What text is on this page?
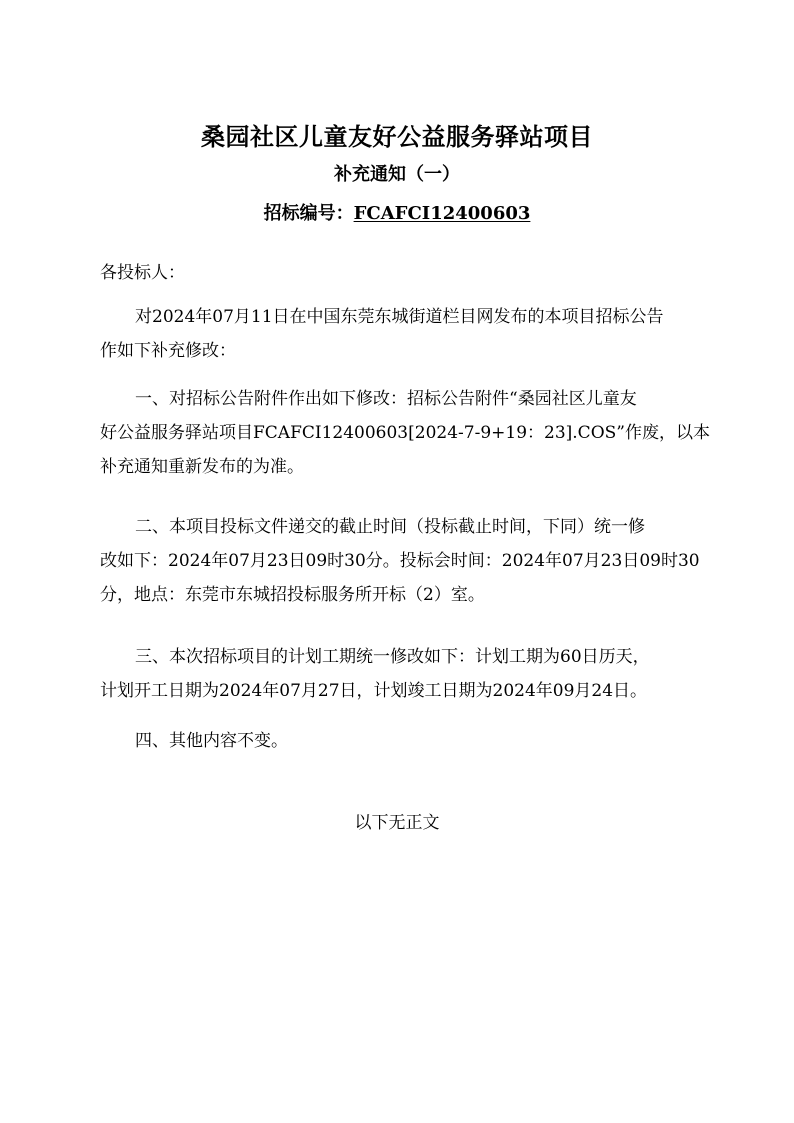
桑园社区儿童友好公益服务驿站项目
补充通知（一）
招标编号：FCAFCI12400603
各投标人：
对2024年07月11日在中国东莞东城街道栏目网发布的本项目招标公告
作如下补充修改：
一、对招标公告附件作出如下修改：招标公告附件“桑园社区儿童友
好公益服务驿站项目FCAFCI12400603[2024-7-9+19：23].COS”作废，以本
补充通知重新发布的为准。
二、本项目投标文件递交的截止时间（投标截止时间，下同）统一修
改如下：2024年07月23日09时30分。投标会时间：2024年07月23日09时30
分，地点：东莞市东城招投标服务所开标（2）室。
三、本次招标项目的计划工期统一修改如下：计划工期为60日历天，
计划开工日期为2024年07月27日，计划竣工日期为2024年09月24日。
四、其他内容不变。
以下无正文
